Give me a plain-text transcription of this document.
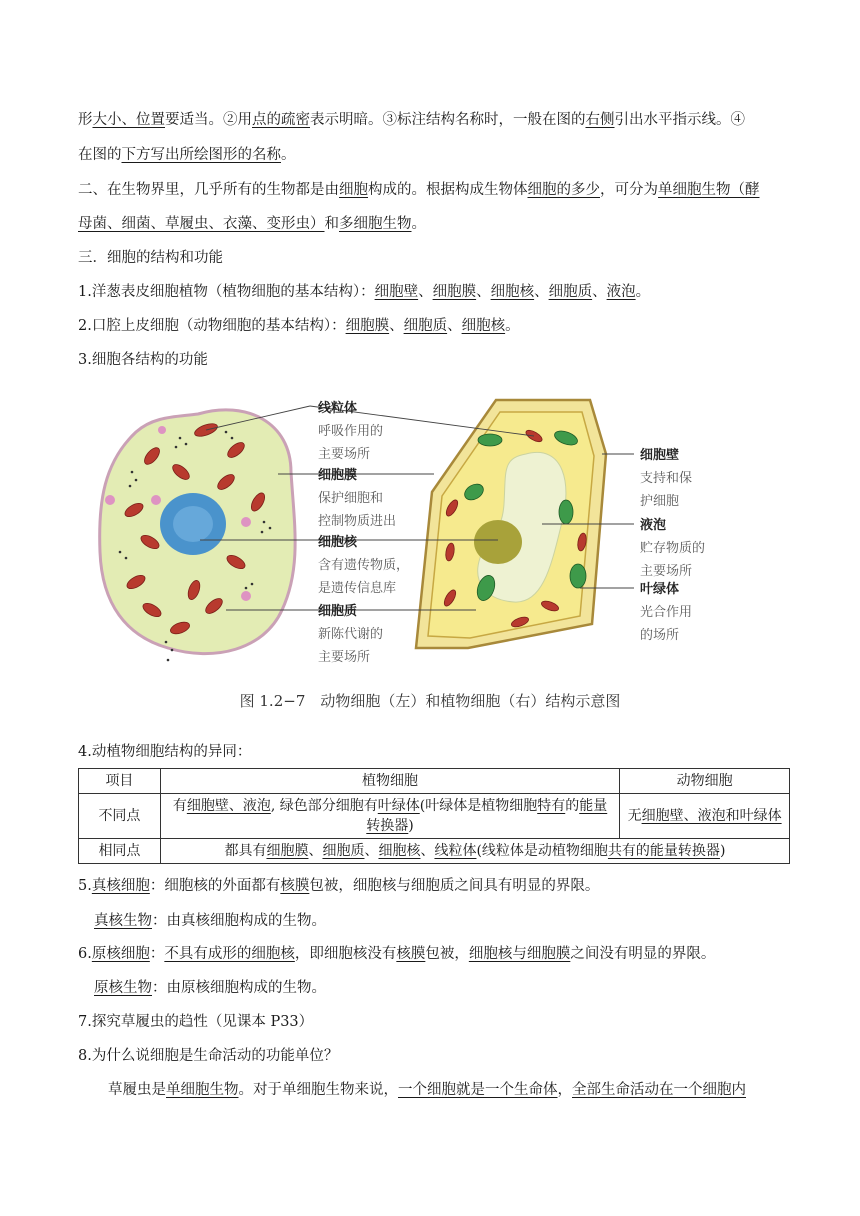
形大小、位置要适当。②用点的疏密表示明暗。③标注结构名称时，一般在图的右侧引出水平指示线。④
在图的下方写出所绘图形的名称。
二、在生物界里，几乎所有的生物都是由细胞构成的。根据构成生物体细胞的多少，可分为单细胞生物（酵
母菌、细菌、草履虫、衣藻、变形虫）和多细胞生物。
三．细胞的结构和功能
1.洋葱表皮细胞植物（植物细胞的基本结构）：细胞壁、细胞膜、细胞核、细胞质、液泡。
2.口腔上皮细胞（动物细胞的基本结构）：细胞膜、细胞质、细胞核。
3.细胞各结构的功能
线粒体
呼吸作用的
主要场所
细胞膜
保护细胞和
控制物质进出
细胞核
含有遗传物质，
是遗传信息库
细胞质
新陈代谢的
主要场所
细胞壁
支持和保
护细胞
液泡
贮存物质的
主要场所
叶绿体
光合作用
的场所
图 1.2−7　动物细胞（左）和植物细胞（右）结构示意图
4.动植物细胞结构的异同：
项目	植物细胞	动物细胞
不同点	有细胞壁、液泡, 绿色部分细胞有叶绿体(叶绿体是植物细胞特有的能量
转换器)	无细胞壁、液泡和叶绿体
相同点	都具有细胞膜、细胞质、细胞核、线粒体(线粒体是动植物细胞共有的能量转换器)	
5.真核细胞：细胞核的外面都有核膜包被，细胞核与细胞质之间具有明显的界限。
真核生物：由真核细胞构成的生物。
6.原核细胞：不具有成形的细胞核，即细胞核没有核膜包被，细胞核与细胞膜之间没有明显的界限。
原核生物：由原核细胞构成的生物。
7.探究草履虫的趋性（见课本 P33）
8.为什么说细胞是生命活动的功能单位？
草履虫是单细胞生物。对于单细胞生物来说，一个细胞就是一个生命体，全部生命活动在一个细胞内
